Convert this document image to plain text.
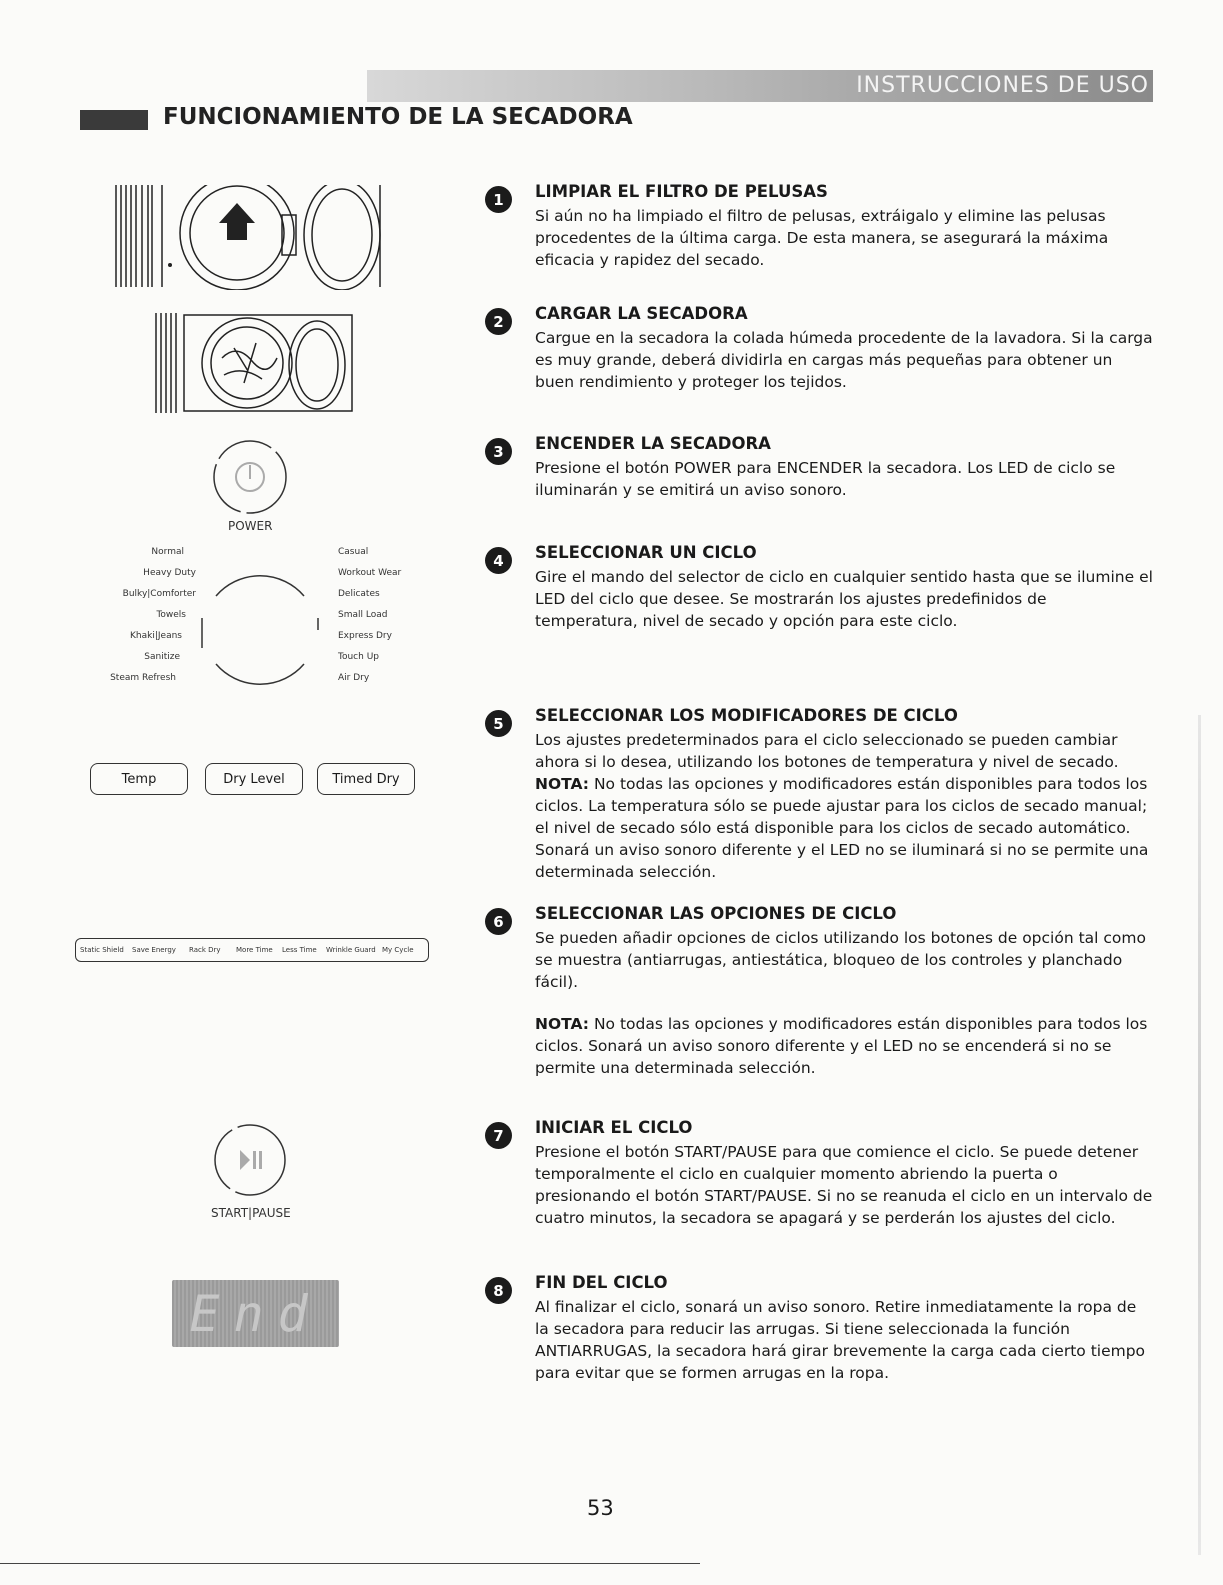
INSTRUCCIONES DE USO
FUNCIONAMIENTO DE LA SECADORA
POWER
Normal
Heavy Duty
Bulky|Comforter
Towels
Khaki|Jeans
Sanitize
Steam Refresh
Casual
Workout Wear
Delicates
Small Load
Express Dry
Touch Up
Air Dry
Temp	Dry Level	Timed Dry
Static Shield Save Energy Rack Dry More Time Less Time Wrinkle Guard My Cycle
START|PAUSE
End
1	LIMPIAR EL FILTRO DE PELUSAS
Si aún no ha limpiado el filtro de pelusas, extráigalo y elimine las pelusas procedentes de la última carga. De esta manera, se asegurará la máxima eficacia y rapidez del secado.
2	CARGAR LA SECADORA
Cargue en la secadora la colada húmeda procedente de la lavadora. Si la carga es muy grande, deberá dividirla en cargas más pequeñas para obtener un buen rendimiento y proteger los tejidos.
3	ENCENDER LA SECADORA
Presione el botón POWER para ENCENDER la secadora. Los LED de ciclo se iluminarán y se emitirá un aviso sonoro.
4	SELECCIONAR UN CICLO
Gire el mando del selector de ciclo en cualquier sentido hasta que se ilumine el LED del ciclo que desee. Se mostrarán los ajustes predefinidos de temperatura, nivel de secado y opción para este ciclo.
5	SELECCIONAR LOS MODIFICADORES DE CICLO
Los ajustes predeterminados para el ciclo seleccionado se pueden cambiar ahora si lo desea, utilizando los botones de temperatura y nivel de secado.
NOTA: No todas las opciones y modificadores están disponibles para todos los ciclos. La temperatura sólo se puede ajustar para los ciclos de secado manual; el nivel de secado sólo está disponible para los ciclos de secado automático. Sonará un aviso sonoro diferente y el LED no se iluminará si no se permite una determinada selección.
6	SELECCIONAR LAS OPCIONES DE CICLO
Se pueden añadir opciones de ciclos utilizando los botones de opción tal como se muestra (antiarrugas, antiestática, bloqueo de los controles y planchado fácil).
NOTA: No todas las opciones y modificadores están disponibles para todos los ciclos. Sonará un aviso sonoro diferente y el LED no se encenderá si no se permite una determinada selección.
7	INICIAR EL CICLO
Presione el botón START/PAUSE para que comience el ciclo. Se puede detener temporalmente el ciclo en cualquier momento abriendo la puerta o presionando el botón START/PAUSE. Si no se reanuda el ciclo en un intervalo de cuatro minutos, la secadora se apagará y se perderán los ajustes del ciclo.
8	FIN DEL CICLO
Al finalizar el ciclo, sonará un aviso sonoro. Retire inmediatamente la ropa de la secadora para reducir las arrugas. Si tiene seleccionada la función ANTIARRUGAS, la secadora hará girar brevemente la carga cada cierto tiempo para evitar que se formen arrugas en la ropa.
53
